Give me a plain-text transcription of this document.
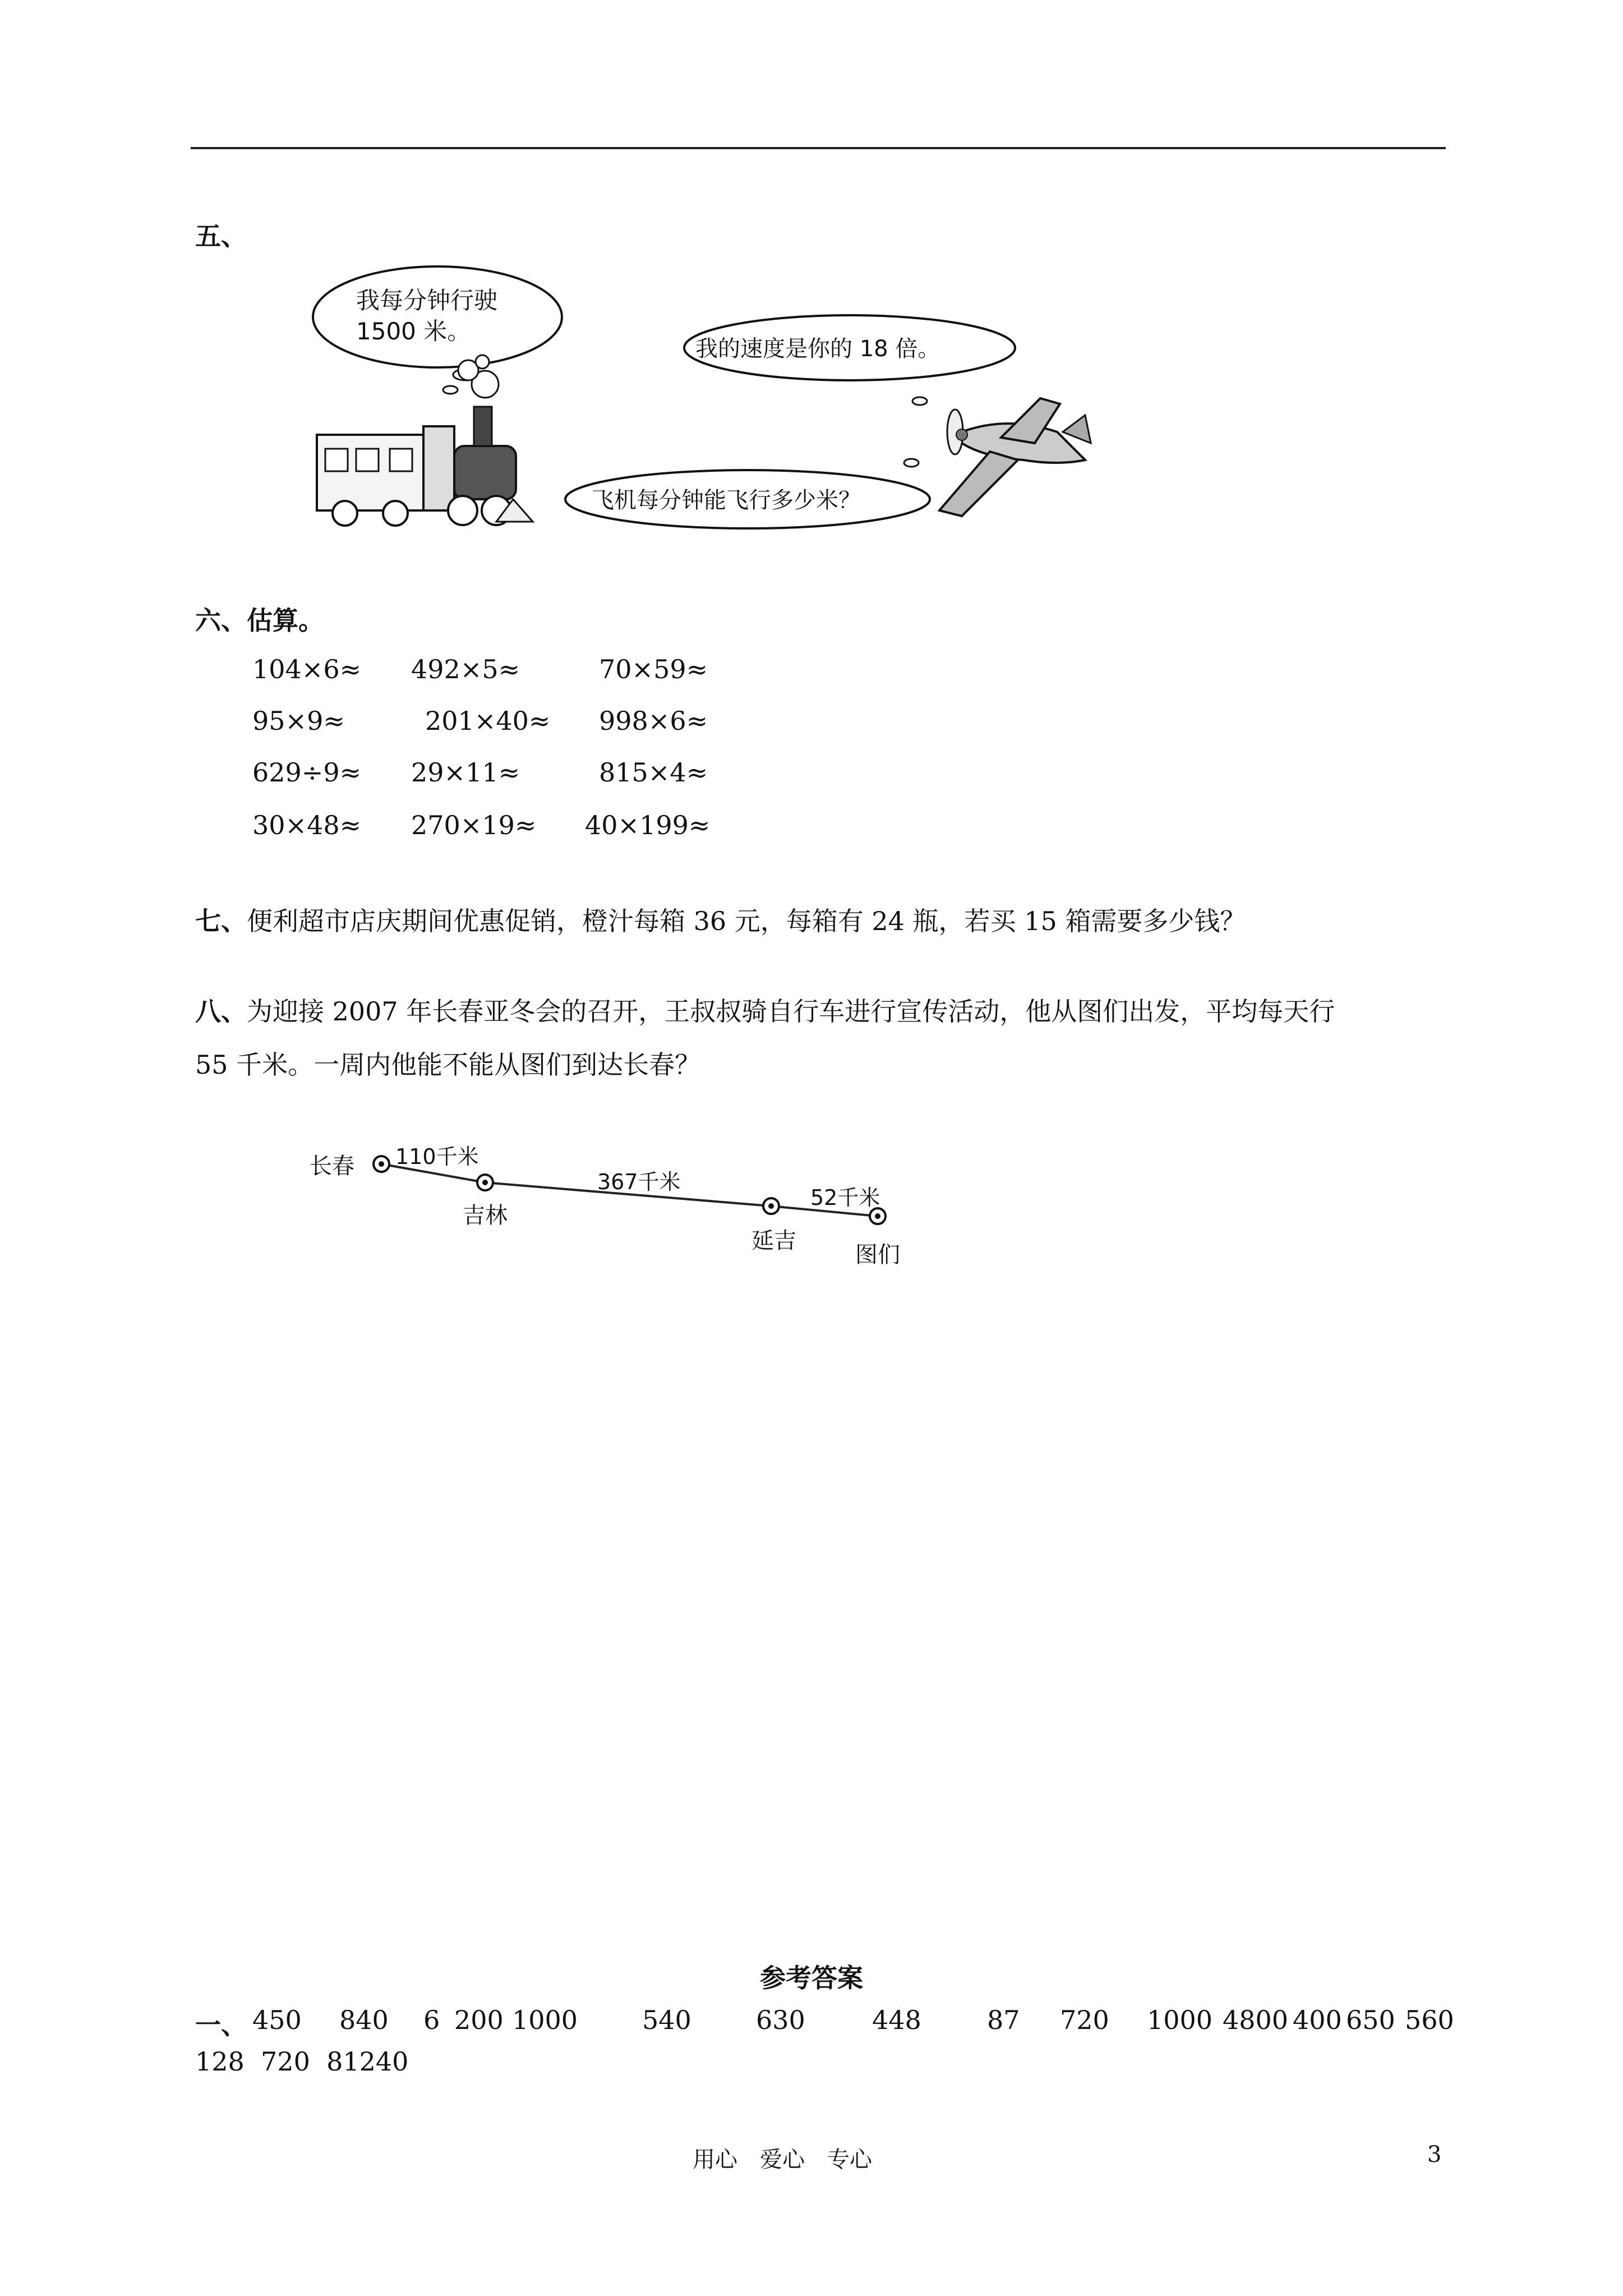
五、
我每分钟行驶
1500 米。
我的速度是你的 18 倍。
飞机每分钟能飞行多少米？
六、估算。
104×6≈ 492×5≈	70×59≈
95×9≈	201×40≈ 998×6≈
629÷9≈ 29×11≈	815×4≈
30×48≈ 270×19≈ 40×199≈
七、便利超市店庆期间优惠促销，橙汁每箱 36 元，每箱有 24 瓶，若买 15 箱需要多少钱？
八、为迎接 2007 年长春亚冬会的召开，王叔叔骑自行车进行宣传活动，他从图们出发，平均每天行
55 千米。一周内他能不能从图们到达长春？
长春
吉林
延吉
图们
110千米
367千米
52千米
参考答案
一、 450 840 6 200 1000 540	630	448	87 720 1000 4800 400 650 560
128  720  81240
用心　爱心　专心	3
